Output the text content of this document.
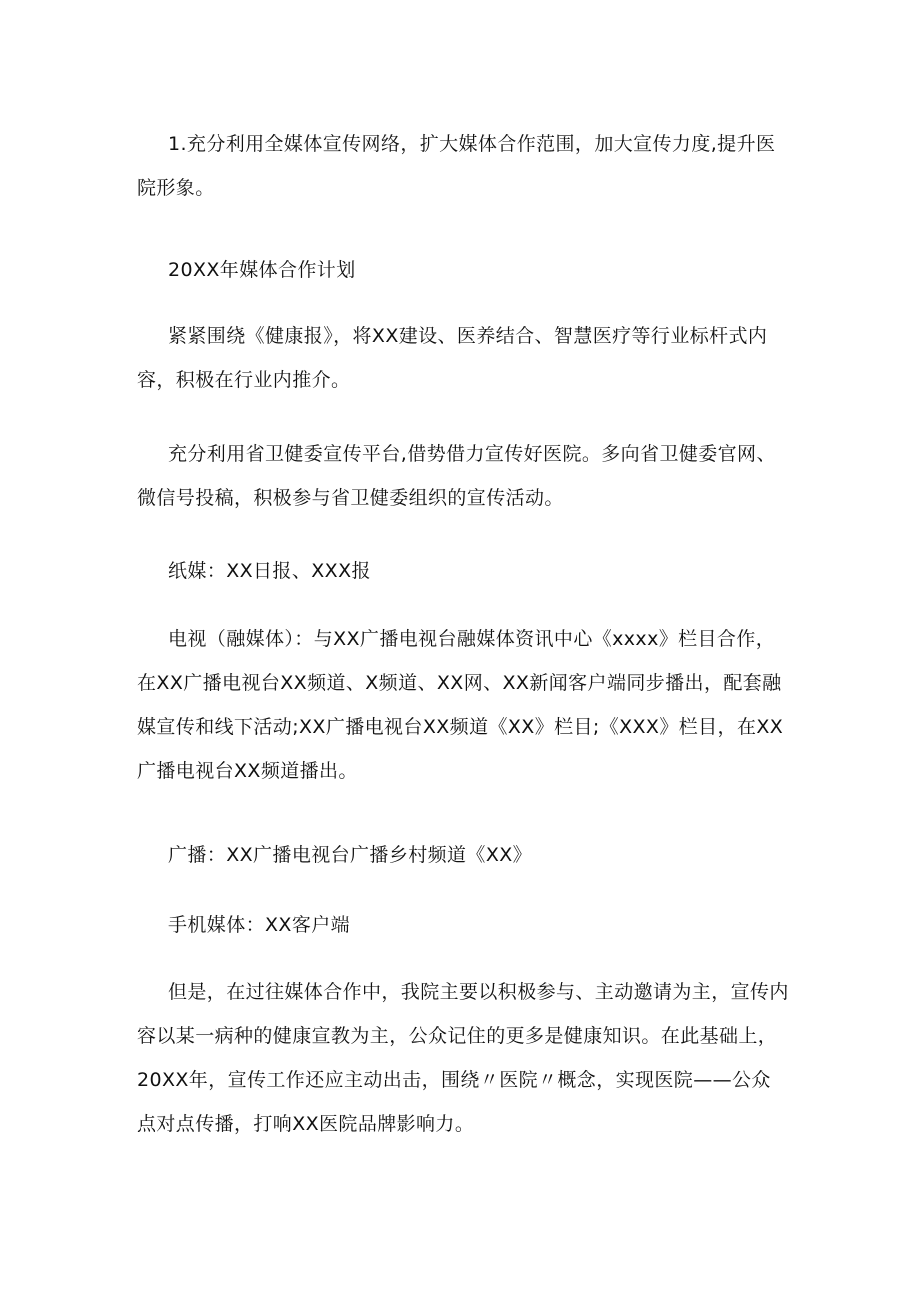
1.充分利用全媒体宣传网络，扩大媒体合作范围，加大宣传力度,提升医院形象。

20XX年媒体合作计划

紧紧围绕《健康报》，将XX建设、医养结合、智慧医疗等行业标杆式内容，积极在行业内推介。

充分利用省卫健委宣传平台,借势借力宣传好医院。多向省卫健委官网、微信号投稿，积极参与省卫健委组织的宣传活动。

纸媒：XX日报、XXX报

电视（融媒体）：与XX广播电视台融媒体资讯中心《xxxx》栏目合作，在XX广播电视台XX频道、X频道、XX网、XX新闻客户端同步播出，配套融媒宣传和线下活动;XX广播电视台XX频道《XX》栏目;《XXX》栏目，在XX广播电视台XX频道播出。

广播：XX广播电视台广播乡村频道《XX》

手机媒体：XX客户端

但是，在过往媒体合作中，我院主要以积极参与、主动邀请为主，宣传内容以某一病种的健康宣教为主，公众记住的更多是健康知识。在此基础上，20XX年，宣传工作还应主动出击，围绕〃医院〃概念，实现医院——公众点对点传播，打响XX医院品牌影响力。
